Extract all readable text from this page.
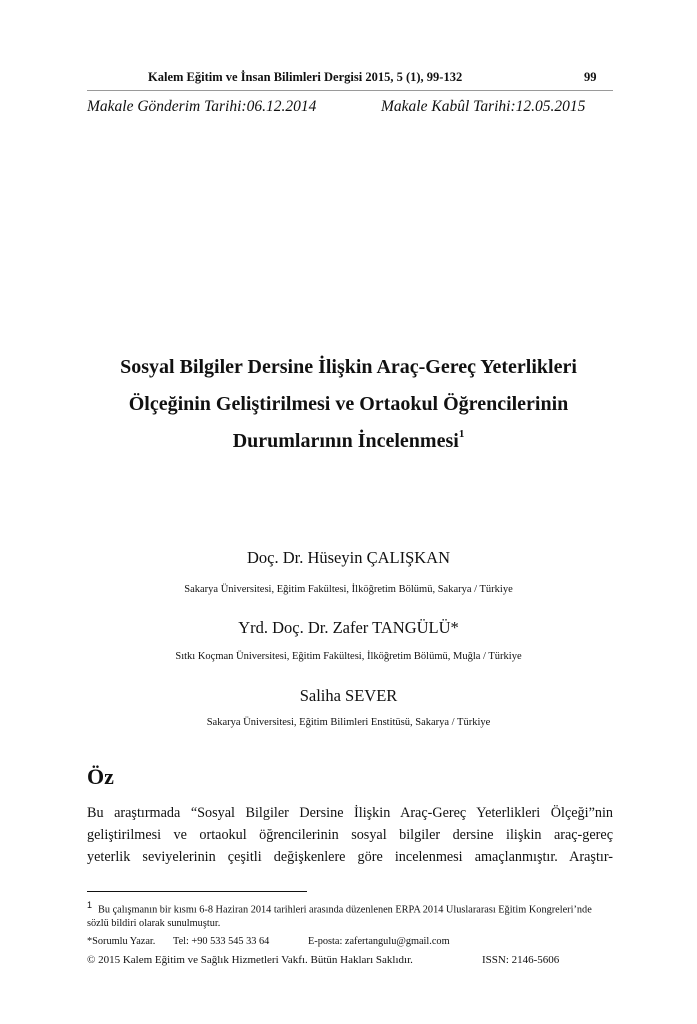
Kalem Eğitim ve İnsan Bilimleri Dergisi 2015, 5 (1), 99-132	99
Makale Gönderim Tarihi:06.12.2014	Makale Kabûl Tarihi:12.05.2015
Sosyal Bilgiler Dersine İlişkin Araç-Gereç Yeterlikleri
Ölçeğinin Geliştirilmesi ve Ortaokul Öğrencilerinin
Durumlarının İncelenmesi$^1$
Doç. Dr. Hüseyin ÇALIŞKAN
Sakarya Üniversitesi, Eğitim Fakültesi, İlköğretim Bölümü, Sakarya / Türkiye
Yrd. Doç. Dr. Zafer TANGÜLÜ*
Sıtkı Koçman Üniversitesi, Eğitim Fakültesi, İlköğretim Bölümü, Muğla / Türkiye
Saliha SEVER
Sakarya Üniversitesi, Eğitim Bilimleri Enstitüsü, Sakarya / Türkiye
Öz
Bu araştırmada “Sosyal Bilgiler Dersine İlişkin Araç-Gereç Yeterlikleri Ölçeği”nin
geliştirilmesi ve ortaokul öğrencilerinin sosyal bilgiler dersine ilişkin araç-gereç
yeterlik seviyelerinin çeşitli değişkenlere göre incelenmesi amaçlanmıştır. Araştır-
1 Bu çalışmanın bir kısmı 6-8 Haziran 2014 tarihleri arasında düzenlenen ERPA 2014 Uluslararası Eğitim Kongreleri’nde sözlü bildiri olarak sunulmuştur.
*Sorumlu Yazar. Tel: +90 533 545 33 64	E-posta: zafertangulu@gmail.com
© 2015 Kalem Eğitim ve Sağlık Hizmetleri Vakfı. Bütün Hakları Saklıdır.	ISSN: 2146-5606
